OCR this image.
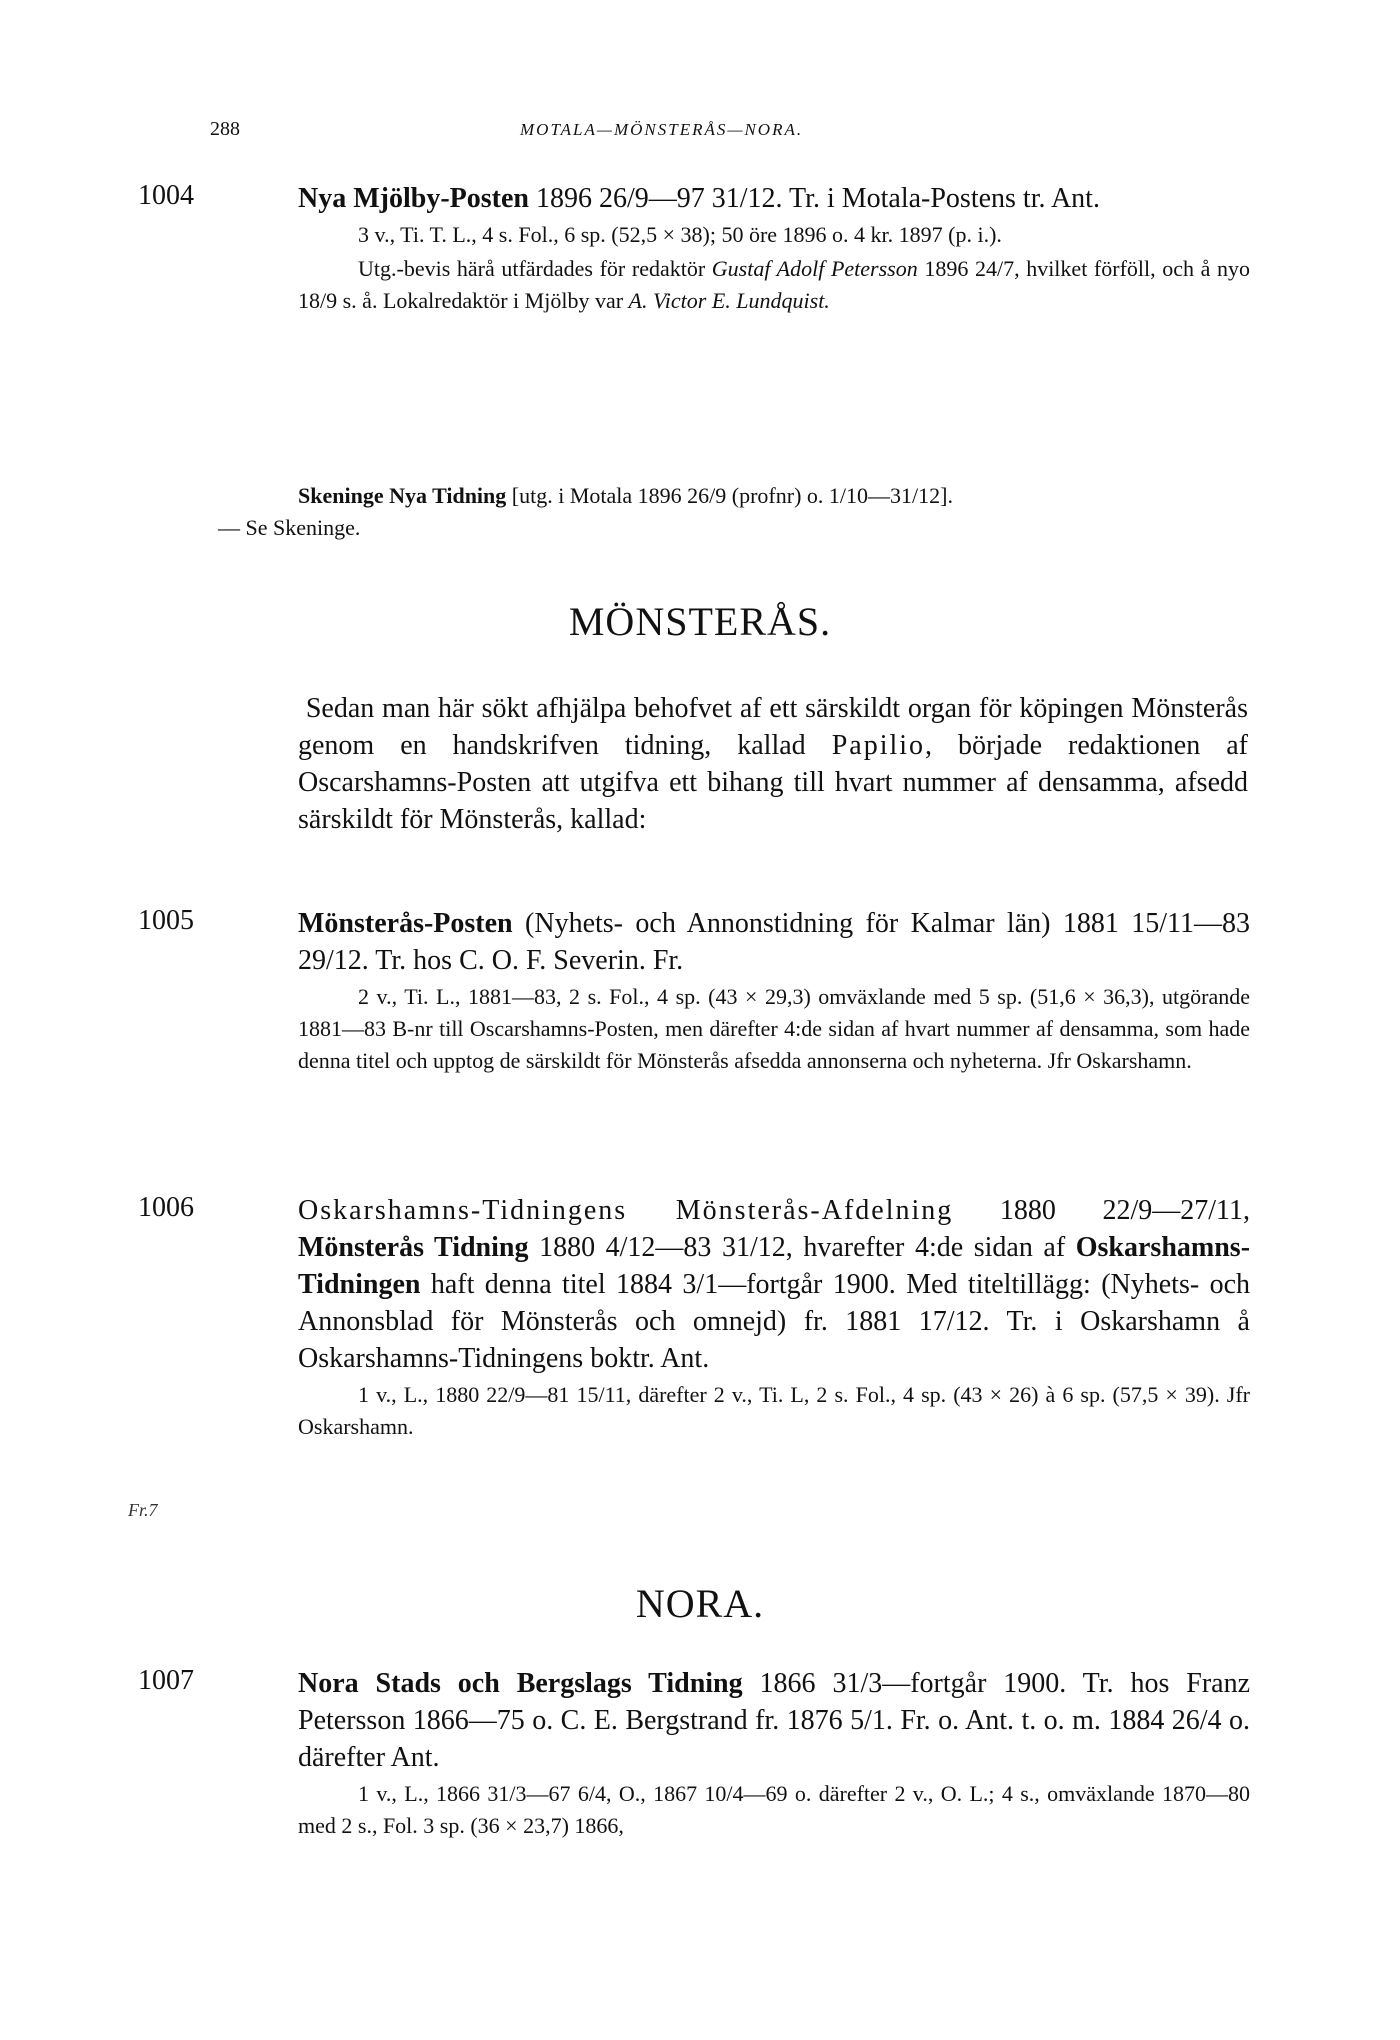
288	MOTALA—MÖNSTERÅS—NORA.
1004	Nya Mjölby-Posten 1896 26/9—97 31/12. Tr. i Motala-Postens tr. Ant.
3 v., Ti. T. L., 4 s. Fol., 6 sp. (52,5 × 38); 50 öre 1896 o. 4 kr. 1897 (p. i.).
Utg.-bevis härå utfärdades för redaktör Gustaf Adolf Petersson 1896 24/7, hvilket förföll, och å nyo 18/9 s. å. Lokalredaktör i Mjölby var A. Victor E. Lundquist.
Skeninge Nya Tidning [utg. i Motala 1896 26/9 (profnr) o. 1/10—31/12].
— Se Skeninge.
MÖNSTERÅS.
Sedan man här sökt afhjälpa behofvet af ett särskildt organ för köpingen Mönsterås genom en handskrifven tidning, kallad Papilio, började redaktionen af Oscarshamns-Posten att utgifva ett bihang till hvart nummer af densamma, afsedd särskildt för Mönsterås, kallad:
1005	Mönsterås-Posten (Nyhets- och Annonstidning för Kalmar län) 1881 15/11—83 29/12. Tr. hos C. O. F. Severin. Fr.
2 v., Ti. L., 1881—83, 2 s. Fol., 4 sp. (43 × 29,3) omväxlande med 5 sp. (51,6 × 36,3), utgörande 1881—83 B-nr till Oscarshamns-Posten, men därefter 4:de sidan af hvart nummer af densamma, som hade denna titel och upptog de särskildt för Mönsterås afsedda annonserna och nyheterna. Jfr Oskarshamn.
1006	Oskarshamns-Tidningens Mönsterås-Afdelning 1880 22/9—27/11, Mönsterås Tidning 1880 4/12—83 31/12, hvarefter 4:de sidan af Oskarshamns-Tidningen haft denna titel 1884 3/1—fortgår 1900. Med titeltillägg: (Nyhets- och Annonsblad för Mönsterås och omnejd) fr. 1881 17/12. Tr. i Oskarshamn å Oskarshamns-Tidningens boktr. Ant.
1 v., L., 1880 22/9—81 15/11, därefter 2 v., Ti. L, 2 s. Fol., 4 sp. (43 × 26) à 6 sp. (57,5 × 39). Jfr Oskarshamn.
Fr.7
NORA.
1007	Nora Stads och Bergslags Tidning 1866 31/3—fortgår 1900. Tr. hos Franz Petersson 1866—75 o. C. E. Bergstrand fr. 1876 5/1. Fr. o. Ant. t. o. m. 1884 26/4 o. därefter Ant.
1 v., L., 1866 31/3—67 6/4, O., 1867 10/4—69 o. därefter 2 v., O. L.; 4 s., omväxlande 1870—80 med 2 s., Fol. 3 sp. (36 × 23,7) 1866,
